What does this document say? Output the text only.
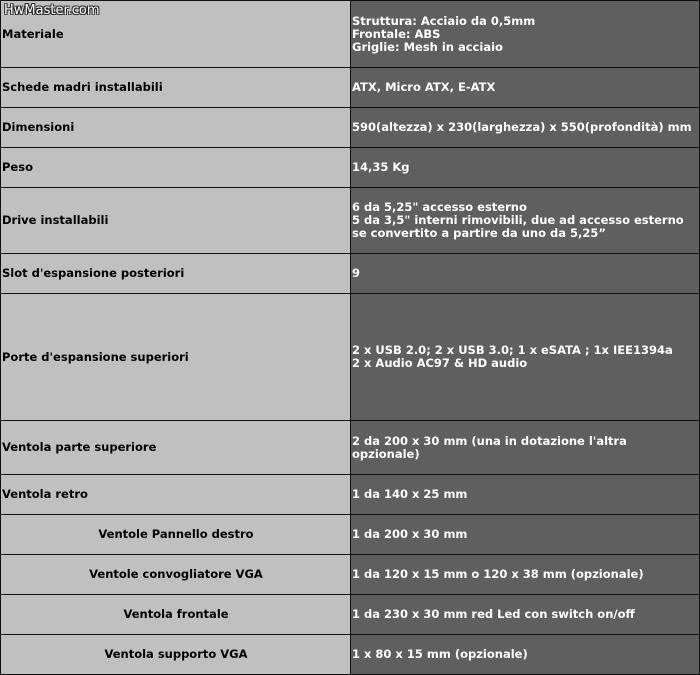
HwMaster.com
Materiale	Struttura: Acciaio da 0,5mm
Frontale: ABS
Griglie: Mesh in acciaio
Schede madri installabili	ATX, Micro ATX, E-ATX
Dimensioni	590(altezza) x 230(larghezza) x 550(profondità) mm
Peso	14,35 Kg
Drive installabili	6 da 5,25" accesso esterno
5 da 3,5" interni rimovibili, due ad accesso esterno
se convertito a partire da uno da 5,25”
Slot d'espansione posteriori	9
Porte d'espansione superiori	2 x USB 2.0; 2 x USB 3.0; 1 x eSATA ; 1x IEE1394a
2 x Audio AC97 & HD audio
Ventola parte superiore	2 da 200 x 30 mm (una in dotazione l'altra
opzionale)
Ventola retro	1 da 140 x 25 mm
Ventole Pannello destro	1 da 200 x 30 mm
Ventole convogliatore VGA	1 da 120 x 15 mm o 120 x 38 mm (opzionale)
Ventola frontale	1 da 230 x 30 mm red Led con switch on/off
Ventola supporto VGA	1 x 80 x 15 mm (opzionale)
